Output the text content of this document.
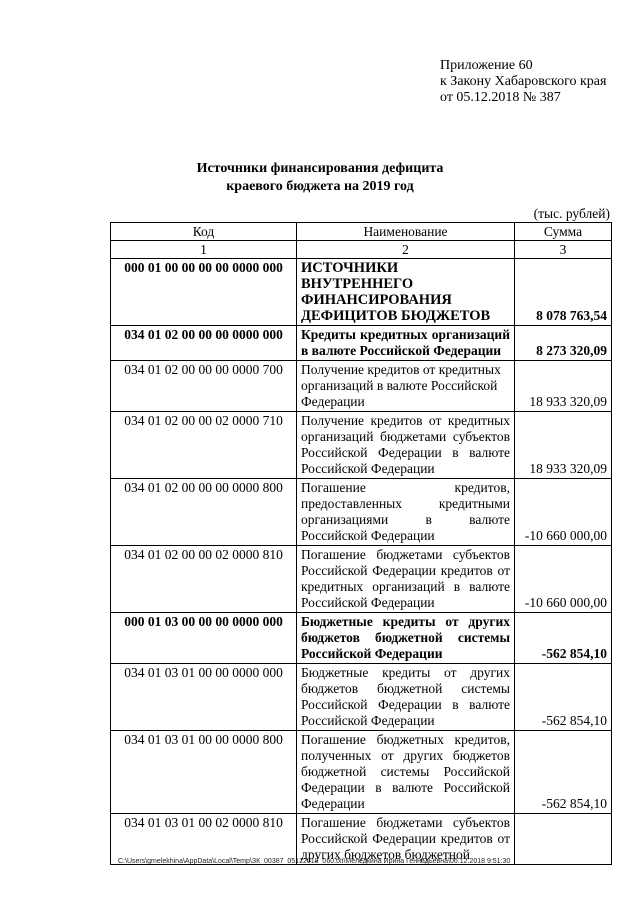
Приложение 60
к Закону Хабаровского края
от 05.12.2018 № 387
Источники финансирования дефицита
краевого бюджета на 2019 год
(тыс. рублей)
Код	Наименование	Сумма
1	2	3
000 01 00 00 00 00 0000 000	ИСТОЧНИКИ ВНУТРЕННЕГО ФИНАНСИРОВАНИЯ ДЕФИЦИТОВ БЮДЖЕТОВ	8 078 763,54
034 01 02 00 00 00 0000 000	Кредиты кредитных организаций в валюте Российской Федерации	8 273 320,09
034 01 02 00 00 00 0000 700	Получение кредитов от кредитных организаций в валюте Российской Федерации	18 933 320,09
034 01 02 00 00 02 0000 710	Получение кредитов от кредитных организаций бюджетами субъектов Российской Федерации в валюте Российской Федерации	18 933 320,09
034 01 02 00 00 00 0000 800	Погашение кредитов, предоставленных кредитными организациями в валюте Российской Федерации	-10 660 000,00
034 01 02 00 00 02 0000 810	Погашение бюджетами субъектов Российской Федерации кредитов от кредитных организаций в валюте Российской Федерации	-10 660 000,00
000 01 03 00 00 00 0000 000	Бюджетные кредиты от других бюджетов бюджетной системы Российской Федерации	-562 854,10
034 01 03 01 00 00 0000 000	Бюджетные кредиты от других бюджетов бюджетной системы Российской Федерации в валюте Российской Федерации	-562 854,10
034 01 03 01 00 00 0000 800	Погашение бюджетных кредитов, полученных от других бюджетов бюджетной системы Российской Федерации в валюте Российской Федерации	-562 854,10
034 01 03 01 00 02 0000 810	Погашение бюджетами субъектов Российской Федерации кредитов от других бюджетов бюджетной	
C:\Users\gmelekhina\AppData\Local\Temp\ЗК_00387_05122018_060.txt\Меледкина Ирина Геннадьевна\06.12.2018 9:51:30
